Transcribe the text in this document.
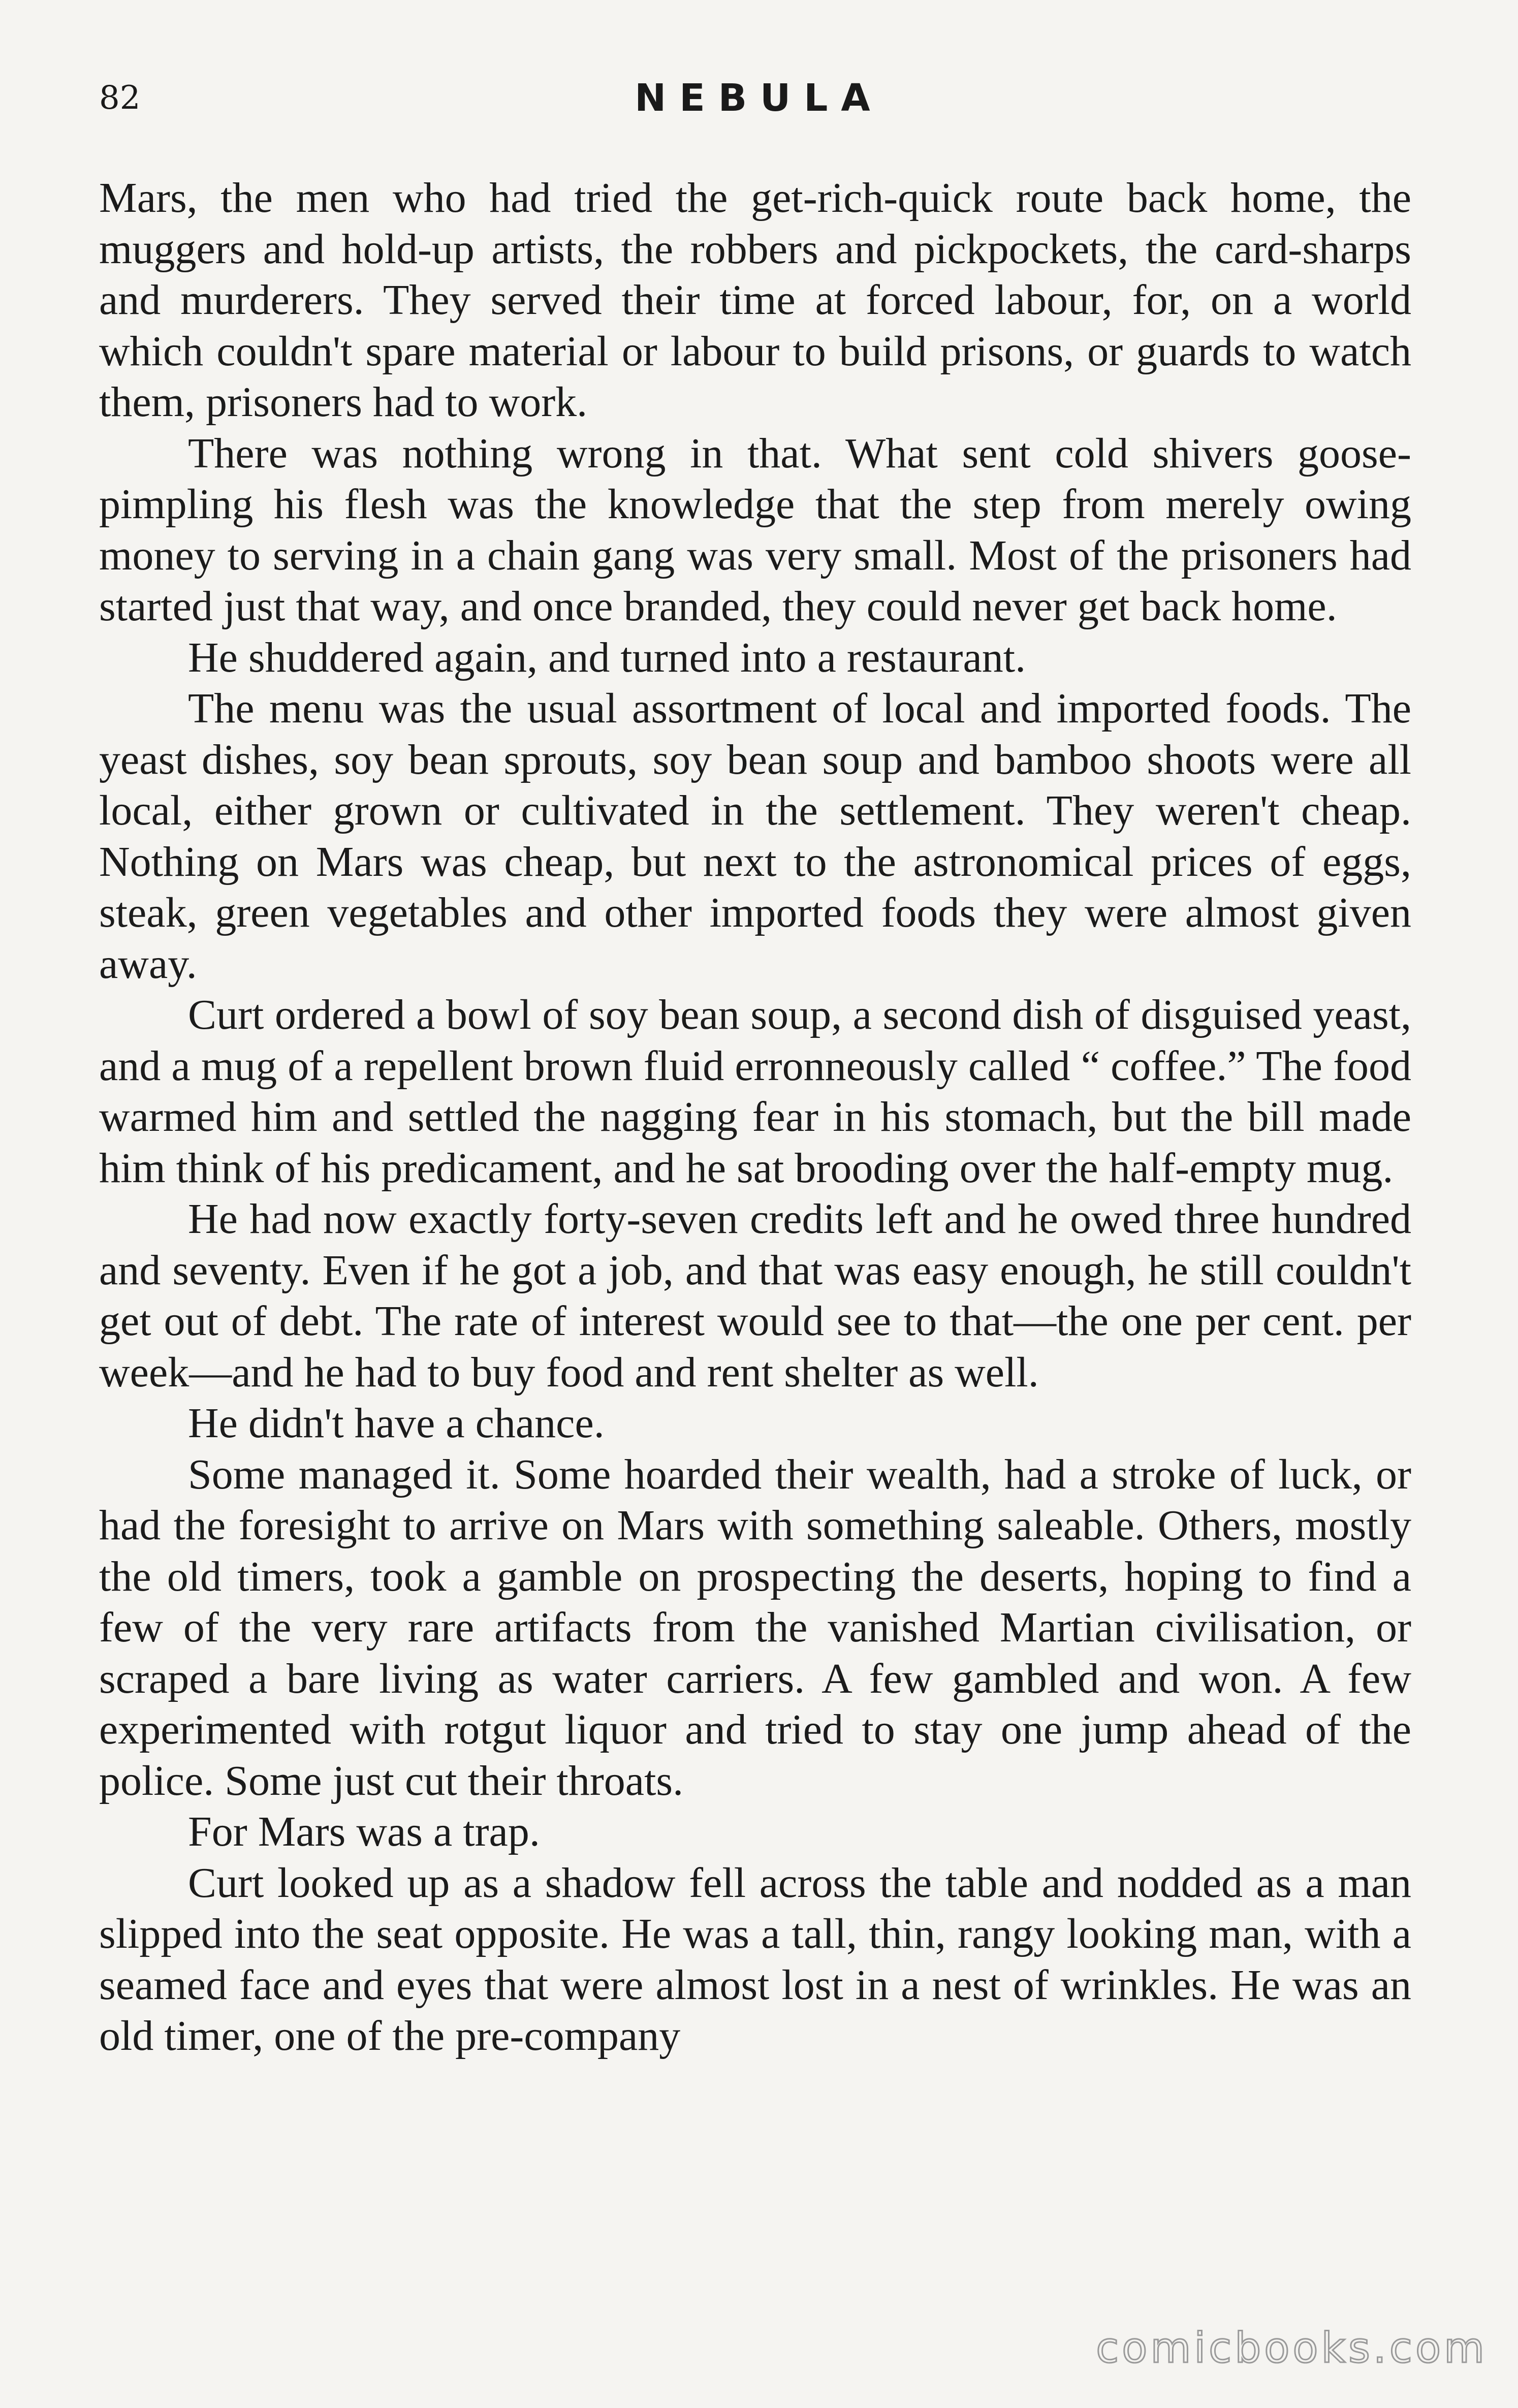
82	NEBULA

Mars, the men who had tried the get-rich-quick route back home, the muggers and hold-up artists, the robbers and pickpockets, the card-sharps and murderers. They served their time at forced labour, for, on a world which couldn't spare material or labour to build prisons, or guards to watch them, prisoners had to work.

There was nothing wrong in that. What sent cold shivers goose-pimpling his flesh was the knowledge that the step from merely owing money to serving in a chain gang was very small. Most of the prisoners had started just that way, and once branded, they could never get back home.

He shuddered again, and turned into a restaurant.

The menu was the usual assortment of local and imported foods. The yeast dishes, soy bean sprouts, soy bean soup and bamboo shoots were all local, either grown or cultivated in the settlement. They weren't cheap. Nothing on Mars was cheap, but next to the astronomical prices of eggs, steak, green vegetables and other imported foods they were almost given away.

Curt ordered a bowl of soy bean soup, a second dish of disguised yeast, and a mug of a repellent brown fluid erronneously called “ coffee.” The food warmed him and settled the nagging fear in his stomach, but the bill made him think of his predicament, and he sat brooding over the half-empty mug.

He had now exactly forty-seven credits left and he owed three hundred and seventy. Even if he got a job, and that was easy enough, he still couldn't get out of debt. The rate of interest would see to that—the one per cent. per week—and he had to buy food and rent shelter as well.

He didn't have a chance.

Some managed it. Some hoarded their wealth, had a stroke of luck, or had the foresight to arrive on Mars with something saleable. Others, mostly the old timers, took a gamble on prospecting the deserts, hoping to find a few of the very rare artifacts from the vanished Martian civilisation, or scraped a bare living as water carriers. A few gambled and won. A few experimented with rotgut liquor and tried to stay one jump ahead of the police. Some just cut their throats.

For Mars was a trap.

Curt looked up as a shadow fell across the table and nodded as a man slipped into the seat opposite. He was a tall, thin, rangy looking man, with a seamed face and eyes that were almost lost in a nest of wrinkles. He was an old timer, one of the pre-company

comicbooks.com
